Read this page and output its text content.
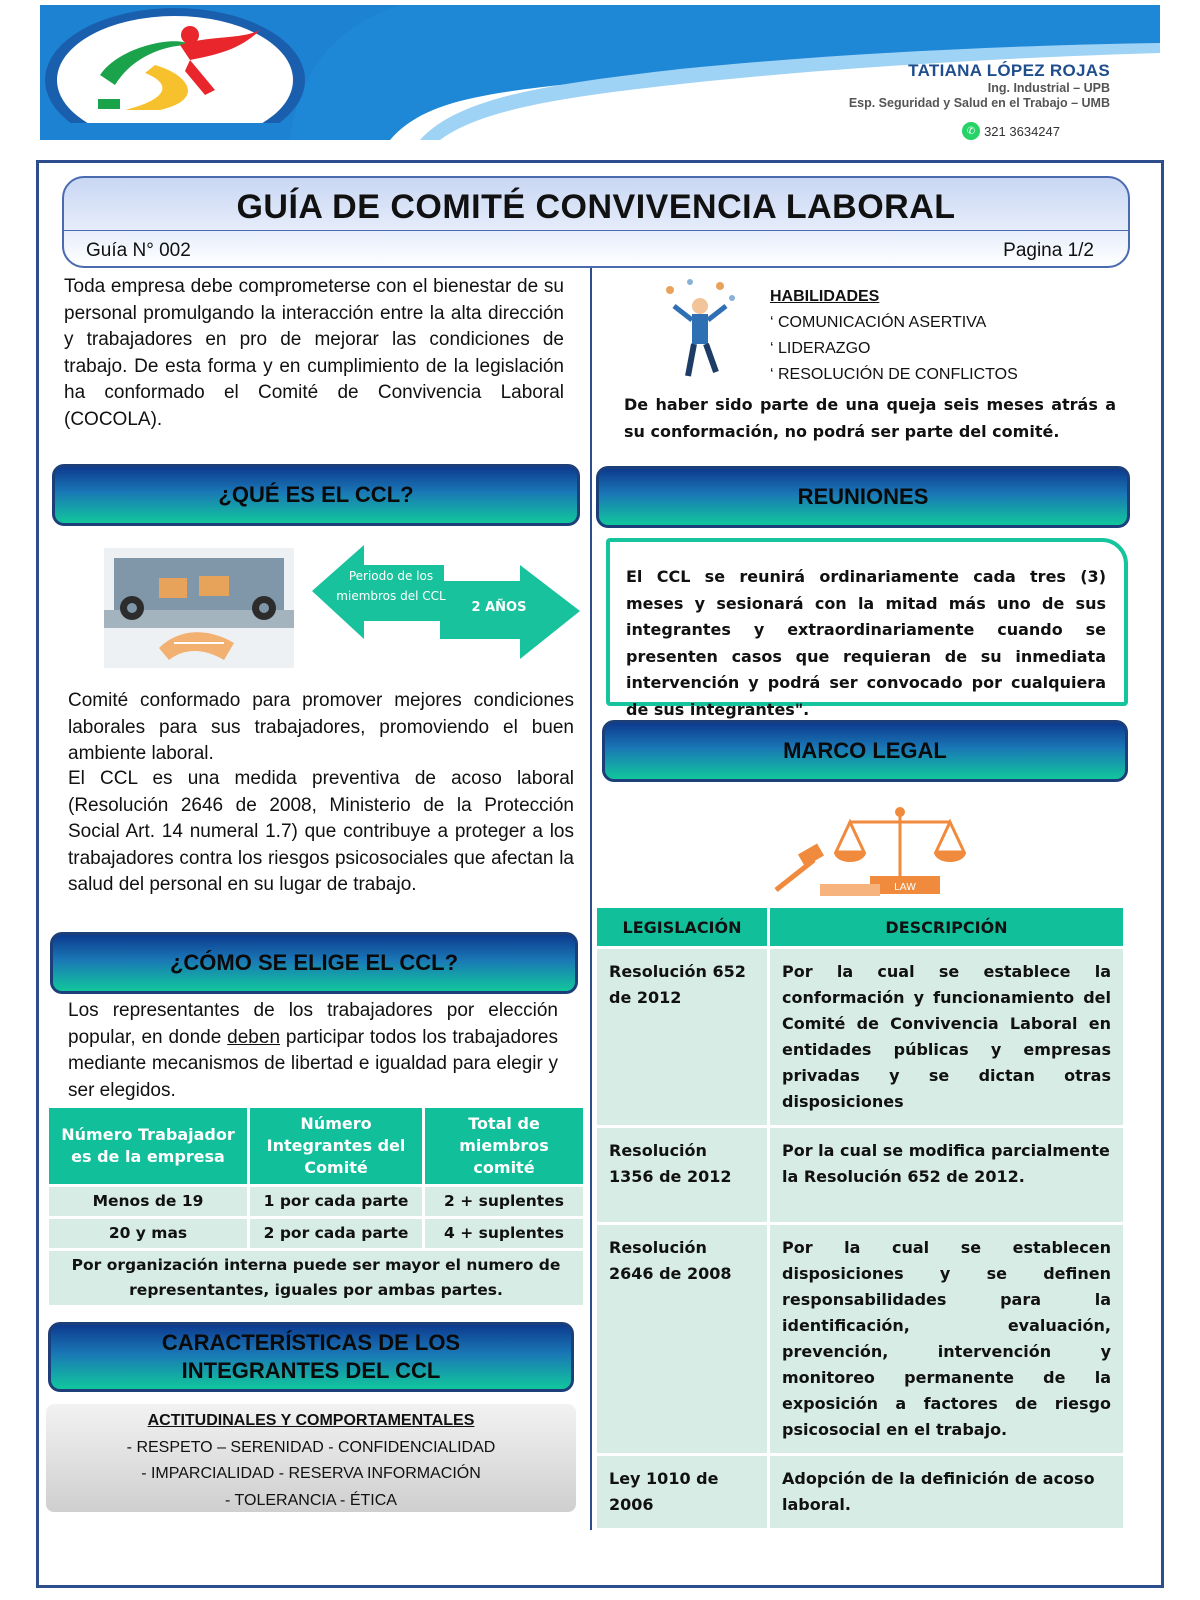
TATIANA LÓPEZ ROJAS
Ing. Industrial – UPB
Esp. Seguridad y Salud en el Trabajo – UMB
✆ 321 3634247
GUÍA DE COMITÉ CONVIVENCIA LABORAL
Guía N° 002	Pagina 1/2
Toda empresa debe comprometerse con el bienestar de su personal promulgando la interacción entre la alta dirección y trabajadores en pro de mejorar las condiciones de trabajo. De esta forma y en cumplimiento de la legislación ha conformado el Comité de Convivencia Laboral (COCOLA).
¿QUÉ ES EL CCL?
Periodo de los miembros del CCL
2 AÑOS
Comité conformado para promover mejores condiciones laborales para sus trabajadores, promoviendo el buen ambiente laboral.
El CCL es una medida preventiva de acoso laboral (Resolución 2646 de 2008, Ministerio de la Protección Social Art. 14 numeral 1.7) que contribuye a proteger a los trabajadores contra los riesgos psicosociales que afectan la salud del personal en su lugar de trabajo.
¿CÓMO SE ELIGE EL CCL?
Los representantes de los trabajadores por elección popular, en donde deben participar todos los trabajadores mediante mecanismos de libertad e igualdad para elegir y ser elegidos.
Número Trabajador es de la empresa	Número Integrantes del Comité	Total de miembros comité
Menos de 19	1 por cada parte	2 + suplentes
20 y mas	2 por cada parte	4 + suplentes
Por organización interna puede ser mayor el numero de representantes, iguales por ambas partes.		
CARACTERÍSTICAS DE LOS
INTEGRANTES DEL CCL
ACTITUDINALES Y COMPORTAMENTALES
- RESPETO – SERENIDAD - CONFIDENCIALIDAD
- IMPARCIALIDAD - RESERVA INFORMACIÓN
- TOLERANCIA - ÉTICA
HABILIDADES
‘ COMUNICACIÓN ASERTIVA
‘ LIDERAZGO
‘ RESOLUCIÓN DE CONFLICTOS
De haber sido parte de una queja seis meses atrás a su conformación, no podrá ser parte del comité.
REUNIONES

El CCL se reunirá ordinariamente cada tres (3) meses y sesionará con la mitad más uno de sus integrantes y extraordinariamente cuando se presenten casos que requieran de su inmediata intervención y podrá ser convocado por cualquiera de sus integrantes".

MARCO LEGAL
LAW
LEGISLACIÓN	DESCRIPCIÓN
Resolución 652 de 2012	Por la cual se establece la conformación y funcionamiento del Comité de Convivencia Laboral en entidades públicas y empresas privadas y se dictan otras disposiciones
Resolución 1356 de 2012	Por la cual se modifica parcialmente la Resolución 652 de 2012.
Resolución 2646 de 2008	Por la cual se establecen disposiciones y se definen responsabilidades para la identificación, evaluación, prevención, intervención y monitoreo permanente de la exposición a factores de riesgo psicosocial en el trabajo.
Ley 1010 de 2006	Adopción de la definición de acoso laboral.
